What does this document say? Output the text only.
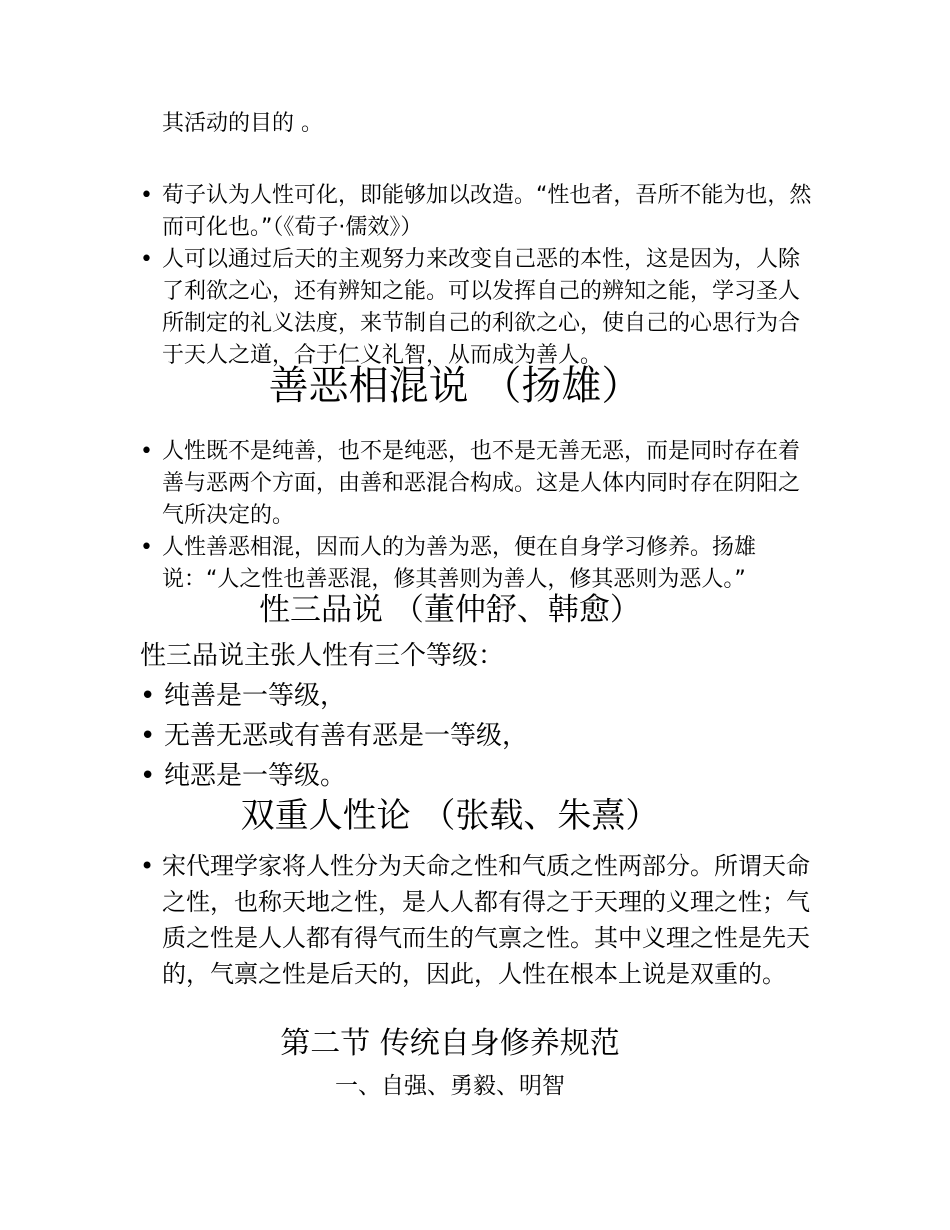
其活动的目的 。

• 荀子认为人性可化，即能够加以改造。“性也者，吾所不能为也，然而可化也。”（《荀子·儒效》）
• 人可以通过后天的主观努力来改变自己恶的本性，这是因为，人除了利欲之心，还有辨知之能。可以发挥自己的辨知之能，学习圣人所制定的礼义法度，来节制自己的利欲之心，使自己的心思行为合于天人之道，合于仁义礼智，从而成为善人。
善恶相混说 （扬雄）
• 人性既不是纯善，也不是纯恶，也不是无善无恶，而是同时存在着善与恶两个方面，由善和恶混合构成。这是人体内同时存在阴阳之气所决定的。
• 人性善恶相混，因而人的为善为恶，便在自身学习修养。扬雄说：“人之性也善恶混，修其善则为善人，修其恶则为恶人。”
性三品说 （董仲舒、韩愈）

性三品说主张人性有三个等级：

• 纯善是一等级，
• 无善无恶或有善有恶是一等级，
• 纯恶是一等级。
双重人性论 （张载、朱熹）
• 宋代理学家将人性分为天命之性和气质之性两部分。所谓天命之性，也称天地之性，是人人都有得之于天理的义理之性；气质之性是人人都有得气而生的气禀之性。其中义理之性是先天的，气禀之性是后天的，因此，人性在根本上说是双重的。
第二节 传统自身修养规范
一、自强、勇毅、明智
